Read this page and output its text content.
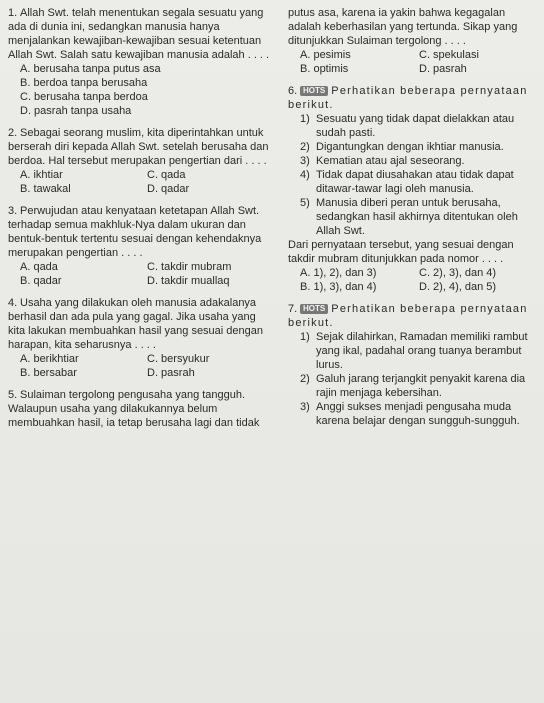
1. Allah Swt. telah menentukan segala sesuatu yang ada di dunia ini, sedangkan manusia hanya menjalankan kewajiban-kewajiban sesuai ketentuan Allah Swt. Salah satu kewajiban manusia adalah . . . .

A. berusaha tanpa putus asa
B. berdoa tanpa berusaha
C. berusaha tanpa berdoa
D. pasrah tanpa usaha

2. Sebagai seorang muslim, kita diperintahkan untuk berserah diri kepada Allah Swt. setelah berusaha dan berdoa. Hal tersebut merupakan pengertian dari . . . .

A. ikhtiar	C. qada
B. tawakal	D. qadar

3. Perwujudan atau kenyataan ketetapan Allah Swt. terhadap semua makhluk-Nya dalam ukuran dan bentuk-bentuk tertentu sesuai dengan kehendaknya merupakan pengertian . . . .

A. qada	C. takdir mubram
B. qadar	D. takdir muallaq

4. Usaha yang dilakukan oleh manusia adakalanya berhasil dan ada pula yang gagal. Jika usaha yang kita lakukan membuahkan hasil yang sesuai dengan harapan, kita seharusnya . . . .

A. berikhtiar	C. bersyukur
B. bersabar	D. pasrah

5. Sulaiman tergolong pengusaha yang tangguh. Walaupun usaha yang dilakukannya belum membuahkan hasil, ia tetap berusaha lagi dan tidak

putus asa, karena ia yakin bahwa kegagalan adalah keberhasilan yang tertunda. Sikap yang ditunjukkan Sulaiman tergolong . . . .

A. pesimis	C. spekulasi
B. optimis	D. pasrah

6. HOTS Perhatikan beberapa pernyataan berikut.

1) Sesuatu yang tidak dapat dielakkan atau sudah pasti.
2) Digantungkan dengan ikhtiar manusia.
3) Kematian atau ajal seseorang.
4) Tidak dapat diusahakan atau tidak dapat ditawar-tawar lagi oleh manusia.
5) Manusia diberi peran untuk berusaha, sedangkan hasil akhirnya ditentukan oleh Allah Swt.

Dari pernyataan tersebut, yang sesuai dengan takdir mubram ditunjukkan pada nomor . . . .

A. 1), 2), dan 3)	C. 2), 3), dan 4)
B. 1), 3), dan 4)	D. 2), 4), dan 5)

7. HOTS Perhatikan beberapa pernyataan berikut.

1) Sejak dilahirkan, Ramadan memiliki rambut yang ikal, padahal orang tuanya berambut lurus.
2) Galuh jarang terjangkit penyakit karena dia rajin menjaga kebersihan.
3) Anggi sukses menjadi pengusaha muda karena belajar dengan sungguh-sungguh.
